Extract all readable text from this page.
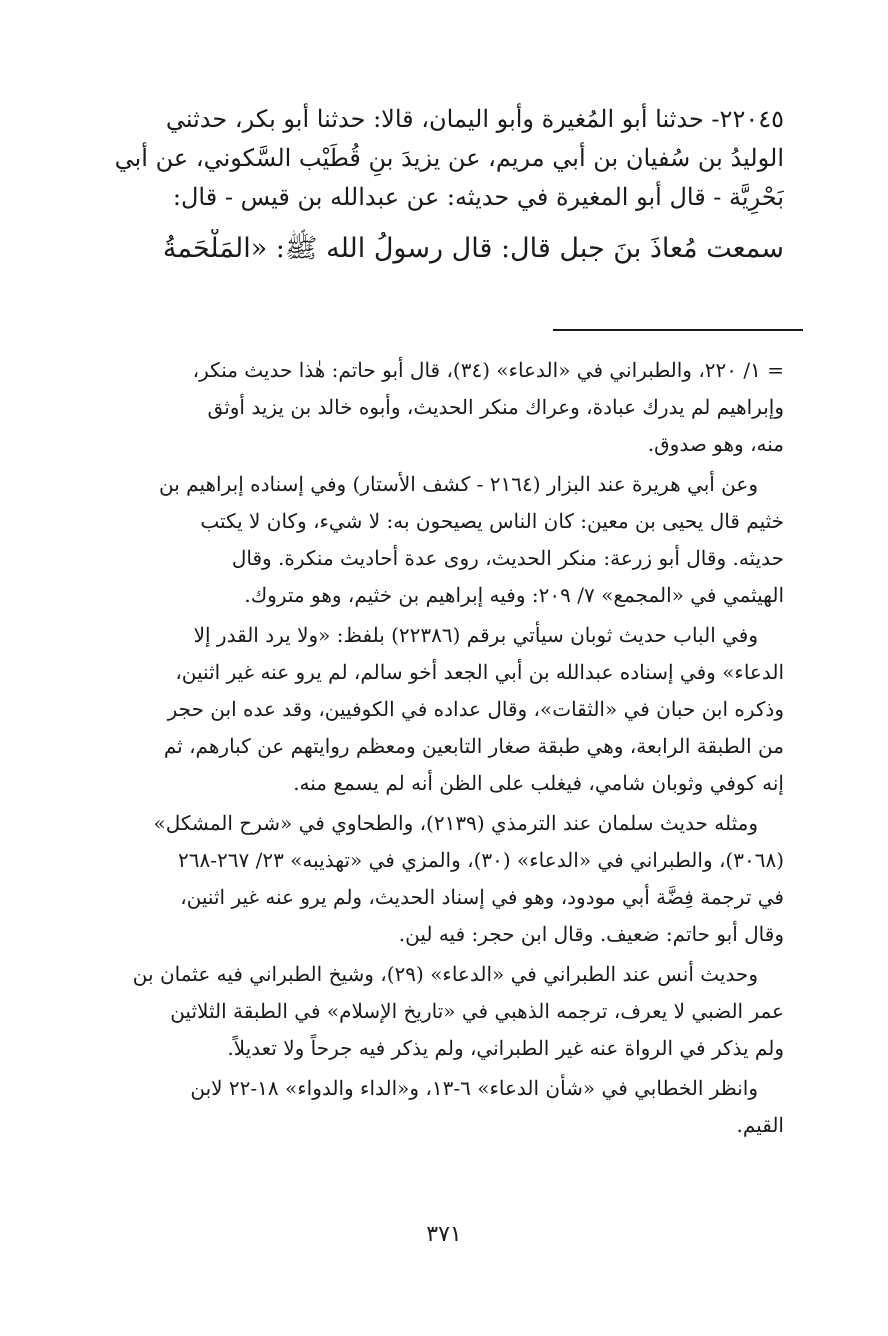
٢٢٠٤٥- حدثنا أبو المُغيرة وأبو اليمان، قالا: حدثنا أبو بكر، حدثني
الوليدُ بن سُفيان بن أبي مريم، عن يزيدَ بنِ قُطَيْب السَّكوني، عن أبي
بَحْرِيَّة - قال أبو المغيرة في حديثه: عن عبدالله بن قيس - قال:
سمعت مُعاذَ بنَ جبل قال: قال رسولُ الله ﷺ: «المَلْحَمةُ

= ١/ ٢٢٠، والطبراني في «الدعاء» (٣٤)، قال أبو حاتم: هٰذا حديث منكر،
وإبراهيم لم يدرك عبادة، وعراك منكر الحديث، وأبوه خالد بن يزيد أوثق
منه، وهو صدوق.

وعن أبي هريرة عند البزار (٢١٦٤ - كشف الأستار) وفي إسناده إبراهيم بن
خثيم قال يحيى بن معين: كان الناس يصيحون به: لا شيء، وكان لا يكتب
حديثه. وقال أبو زرعة: منكر الحديث، روى عدة أحاديث منكرة. وقال
الهيثمي في «المجمع» ٧/ ٢٠٩: وفيه إبراهيم بن خثيم، وهو متروك.

وفي الباب حديث ثوبان سيأتي برقم (٢٢٣٨٦) بلفظ: «ولا يرد القدر إلا
الدعاء» وفي إسناده عبدالله بن أبي الجعد أخو سالم، لم يرو عنه غير اثنين،
وذكره ابن حبان في «الثقات»، وقال عداده في الكوفيين، وقد عده ابن حجر
من الطبقة الرابعة، وهي طبقة صغار التابعين ومعظم روايتهم عن كبارهم، ثم
إنه كوفي وثوبان شامي، فيغلب على الظن أنه لم يسمع منه.

ومثله حديث سلمان عند الترمذي (٢١٣٩)، والطحاوي في «شرح المشكل»
(٣٠٦٨)، والطبراني في «الدعاء» (٣٠)، والمزي في «تهذيبه» ٢٣/ ٢٦٧-٢٦٨
في ترجمة فِضَّة أبي مودود، وهو في إسناد الحديث، ولم يرو عنه غير اثنين،
وقال أبو حاتم: ضعيف. وقال ابن حجر: فيه لين.

وحديث أنس عند الطبراني في «الدعاء» (٢٩)، وشيخ الطبراني فيه عثمان بن
عمر الضبي لا يعرف، ترجمه الذهبي في «تاريخ الإسلام» في الطبقة الثلاثين
ولم يذكر في الرواة عنه غير الطبراني، ولم يذكر فيه جرحاً ولا تعديلاً.

وانظر الخطابي في «شأن الدعاء» ٦-١٣، و«الداء والدواء» ١٨-٢٢ لابن
القيم.

٣٧١
